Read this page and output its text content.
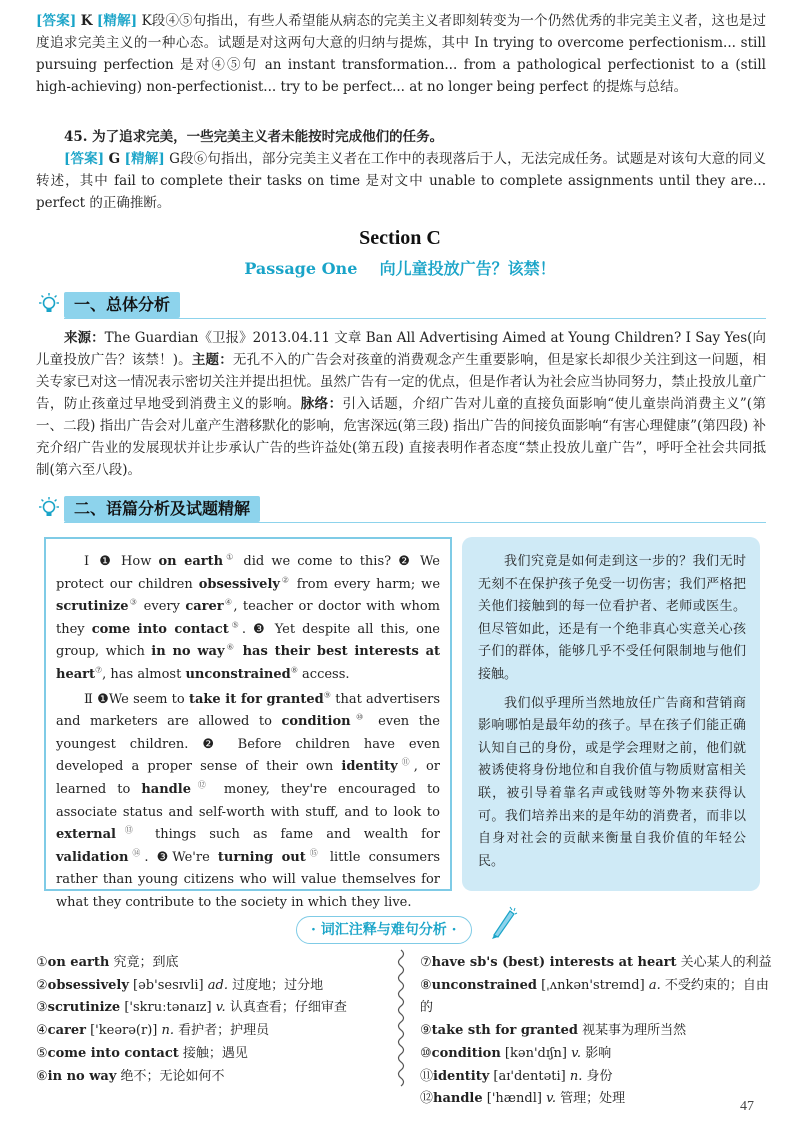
[答案] K [精解] K段④⑤句指出，有些人希望能从病态的完美主义者即刻转变为一个仍然优秀的非完美主义者，这也是过度追求完美主义的一种心态。试题是对这两句大意的归纳与提炼，其中 In trying to overcome perfectionism... still pursuing perfection 是对④⑤句 an instant transformation... from a pathological perfectionist to a (still high-achieving) non-perfectionist... try to be perfect... at no longer being perfect 的提炼与总结。
45. 为了追求完美，一些完美主义者未能按时完成他们的任务。
[答案] G [精解] G段⑥句指出，部分完美主义者在工作中的表现落后于人，无法完成任务。试题是对该句大意的同义转述，其中 fail to complete their tasks on time 是对文中 unable to complete assignments until they are... perfect 的正确推断。
Section C
Passage One    向儿童投放广告？该禁！
一、总体分析
来源：The Guardian《卫报》2013.04.11 文章 Ban All Advertising Aimed at Young Children? I Say Yes(向儿童投放广告？该禁！)。主题：无孔不入的广告会对孩童的消费观念产生重要影响，但是家长却很少关注到这一问题，相关专家已对这一情况表示密切关注并提出担忧。虽然广告有一定的优点，但是作者认为社会应当协同努力，禁止投放儿童广告，防止孩童过早地受到消费主义的影响。脉络：引入话题，介绍广告对儿童的直接负面影响“使儿童崇尚消费主义”(第一、二段) 指出广告会对儿童产生潜移默化的影响，危害深远(第三段) 指出广告的间接负面影响“有害心理健康”(第四段) 补充介绍广告业的发展现状并让步承认广告的些许益处(第五段) 直接表明作者态度“禁止投放儿童广告”，呼吁全社会共同抵制(第六至八段)。
二、语篇分析及试题精解

Ⅰ ❶ How on earth① did we come to this? ❷ We protect our children obsessively② from every harm; we scrutinize③ every carer④, teacher or doctor with whom they come into contact⑤. ❸ Yet despite all this, one group, which in no way⑥ has their best interests at heart⑦, has almost unconstrained⑧ access.

Ⅱ ❶We seem to take it for granted⑨ that advertisers and marketers are allowed to condition⑩ even the youngest children. ❷ Before children have even developed a proper sense of their own identity⑪, or learned to handle⑫ money, they're encouraged to associate status and self-worth with stuff, and to look to external⑬ things such as fame and wealth for validation⑭. ❸We're turning out⑮ little consumers rather than young citizens who will value themselves for what they contribute to the society in which they live.

我们究竟是如何走到这一步的？我们无时无刻不在保护孩子免受一切伤害；我们严格把关他们接触到的每一位看护者、老师或医生。但尽管如此，还是有一个绝非真心实意关心孩子们的群体，能够几乎不受任何限制地与他们接触。

我们似乎理所当然地放任广告商和营销商影响哪怕是最年幼的孩子。早在孩子们能正确认知自己的身份，或是学会理财之前，他们就被诱使将身份地位和自我价值与物质财富相关联，被引导着靠名声或钱财等外物来获得认可。我们培养出来的是年幼的消费者，而非以自身对社会的贡献来衡量自我价值的年轻公民。

· 词汇注释与难句分析 ·
①on earth 究竟；到底
②obsessively [əb'sesɪvli] ad. 过度地；过分地
③scrutinize ['skruːtənaɪz] v. 认真查看；仔细审查
④carer ['keərə(r)] n. 看护者；护理员
⑤come into contact 接触；遇见
⑥in no way 绝不；无论如何不
⑦have sb's (best) interests at heart 关心某人的利益
⑧unconstrained [ˌʌnkən'streɪnd] a. 不受约束的；自由的
⑨take sth for granted 视某事为理所当然
⑩condition [kən'dɪʃn] v. 影响
⑪identity [aɪ'dentəti] n. 身份
⑫handle ['hændl] v. 管理；处理
47
